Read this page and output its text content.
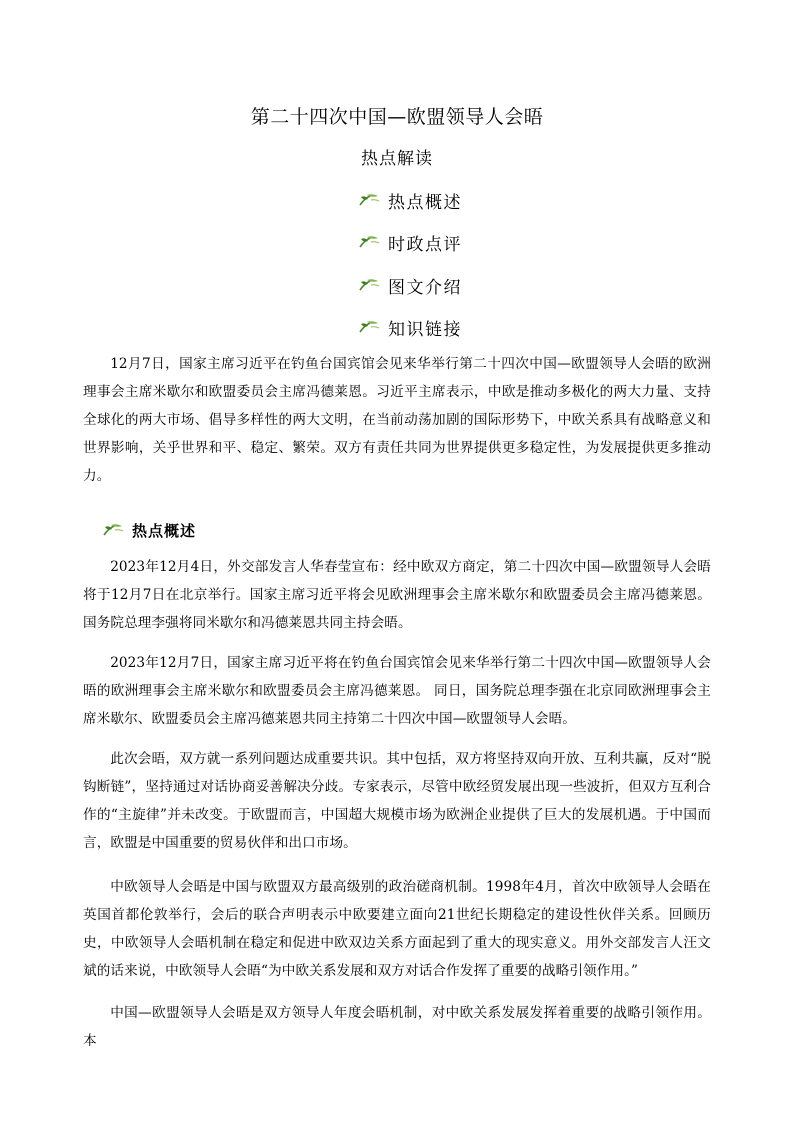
第二十四次中国—欧盟领导人会晤
热点解读
热点概述
时政点评
图文介绍
知识链接

12月7日，国家主席习近平在钓鱼台国宾馆会见来华举行第二十四次中国—欧盟领导人会晤的欧洲理事会主席米歇尔和欧盟委员会主席冯德莱恩。习近平主席表示，中欧是推动多极化的两大力量、支持全球化的两大市场、倡导多样性的两大文明，在当前动荡加剧的国际形势下，中欧关系具有战略意义和世界影响，关乎世界和平、稳定、繁荣。双方有责任共同为世界提供更多稳定性，为发展提供更多推动力。

热点概述

2023年12月4日，外交部发言人华春莹宣布：经中欧双方商定，第二十四次中国—欧盟领导人会晤将于12月7日在北京举行。国家主席习近平将会见欧洲理事会主席米歇尔和欧盟委员会主席冯德莱恩。国务院总理李强将同米歇尔和冯德莱恩共同主持会晤。

2023年12月7日，国家主席习近平将在钓鱼台国宾馆会见来华举行第二十四次中国—欧盟领导人会晤的欧洲理事会主席米歇尔和欧盟委员会主席冯德莱恩。 同日，国务院总理李强在北京同欧洲理事会主席米歇尔、欧盟委员会主席冯德莱恩共同主持第二十四次中国—欧盟领导人会晤。

此次会晤，双方就一系列问题达成重要共识。其中包括，双方将坚持双向开放、互利共赢，反对“脱钩断链”，坚持通过对话协商妥善解决分歧。专家表示，尽管中欧经贸发展出现一些波折，但双方互利合作的“主旋律”并未改变。于欧盟而言，中国超大规模市场为欧洲企业提供了巨大的发展机遇。于中国而言，欧盟是中国重要的贸易伙伴和出口市场。

中欧领导人会晤是中国与欧盟双方最高级别的政治磋商机制。1998年4月，首次中欧领导人会晤在英国首都伦敦举行，会后的联合声明表示中欧要建立面向21世纪长期稳定的建设性伙伴关系。回顾历史，中欧领导人会晤机制在稳定和促进中欧双边关系方面起到了重大的现实意义。用外交部发言人汪文斌的话来说，中欧领导人会晤“为中欧关系发展和双方对话合作发挥了重要的战略引领作用。”

中国—欧盟领导人会晤是双方领导人年度会晤机制，对中欧关系发展发挥着重要的战略引领作用。本
